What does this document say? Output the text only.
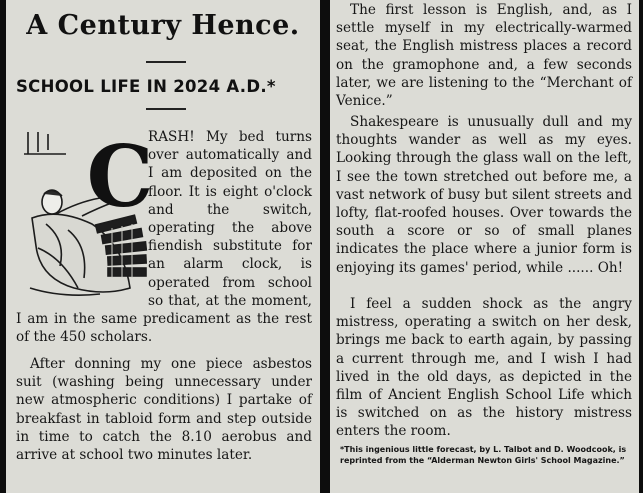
A Century Hence.
SCHOOL LIFE IN 2024 A.D.*
C

RASH! My bed turns over automatically and I am deposited on the floor. It is eight o'clock and the switch, operating the above fiendish substitute for an alarm clock, is operated from school so that, at the moment, I am in the same predicament as the rest of the 450 scholars.

After donning my one piece asbestos suit (washing being unnecessary under new atmospheric conditions) I partake of breakfast in tabloid form and step outside in time to catch the 8.10 aerobus and arrive at school two minutes later.

The first lesson is English, and, as I settle myself in my electrically-warmed seat, the English mistress places a record on the gramophone and, a few seconds later, we are listening to the “Merchant of Venice.”

Shakespeare is unusually dull and my thoughts wander as well as my eyes. Looking through the glass wall on the left, I see the town stretched out before me, a vast network of busy but silent streets and lofty, flat-roofed houses. Over towards the south a score or so of small planes indicates the place where a junior form is enjoying its games' period, while ...... Oh!

I feel a sudden shock as the angry mistress, operating a switch on her desk, brings me back to earth again, by passing a current through me, and I wish I had lived in the old days, as depicted in the film of Ancient English School Life which is switched on as the history mistress enters the room.

*This ingenious little forecast, by L. Talbot and D. Woodcook, is reprinted from the “Alderman Newton Girls' School Magazine.”
